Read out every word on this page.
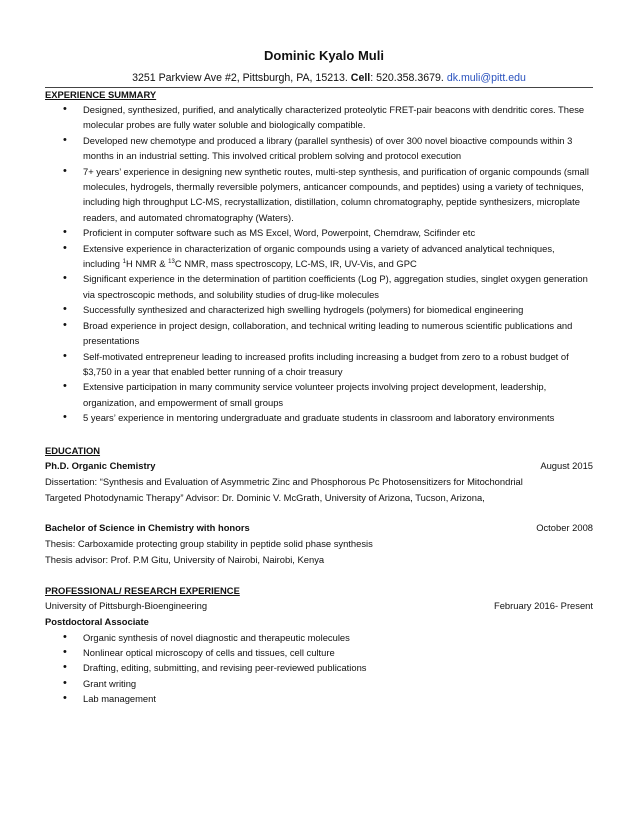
Dominic Kyalo Muli
3251 Parkview Ave #2, Pittsburgh, PA, 15213. Cell: 520.358.3679. dk.muli@pitt.edu
EXPERIENCE SUMMARY
• Designed, synthesized, purified, and analytically characterized proteolytic FRET-pair beacons with dendritic cores. These molecular probes are fully water soluble and biologically compatible.
• Developed new chemotype and produced a library (parallel synthesis) of over 300 novel bioactive compounds within 3 months in an industrial setting. This involved critical problem solving and protocol execution
• 7+ years’ experience in designing new synthetic routes, multi-step synthesis, and purification of organic compounds (small molecules, hydrogels, thermally reversible polymers, anticancer compounds, and peptides) using a variety of techniques, including high throughput LC-MS, recrystallization, distillation, column chromatography, peptide synthesizers, microplate readers, and automated chromatography (Waters).
• Proficient in computer software such as MS Excel, Word, Powerpoint, Chemdraw, Scifinder etc
• Extensive experience in characterization of organic compounds using a variety of advanced analytical techniques, including $^1$H NMR & $^{13}$C NMR, mass spectroscopy, LC-MS, IR, UV-Vis, and GPC
• Significant experience in the determination of partition coefficients (Log P), aggregation studies, singlet oxygen generation via spectroscopic methods, and solubility studies of drug-like molecules
• Successfully synthesized and characterized high swelling hydrogels (polymers) for biomedical engineering
• Broad experience in project design, collaboration, and technical writing leading to numerous scientific publications and presentations
• Self-motivated entrepreneur leading to increased profits including increasing a budget from zero to a robust budget of $3,750 in a year that enabled better running of a choir treasury
• Extensive participation in many community service volunteer projects involving project development, leadership, organization, and empowerment of small groups
• 5 years’ experience in mentoring undergraduate and graduate students in classroom and laboratory environments
EDUCATION
Ph.D. Organic Chemistry	August 2015
Dissertation: “Synthesis and Evaluation of Asymmetric Zinc and Phosphorous Pc Photosensitizers for Mitochondrial
Targeted Photodynamic Therapy” Advisor: Dr. Dominic V. McGrath, University of Arizona, Tucson, Arizona,
Bachelor of Science in Chemistry with honors	October 2008
Thesis: Carboxamide protecting group stability in peptide solid phase synthesis
Thesis advisor: Prof. P.M Gitu, University of Nairobi, Nairobi, Kenya
PROFESSIONAL/ RESEARCH EXPERIENCE
University of Pittsburgh-Bioengineering	February 2016- Present
Postdoctoral Associate
• Organic synthesis of novel diagnostic and therapeutic molecules
• Nonlinear optical microscopy of cells and tissues, cell culture
• Drafting, editing, submitting, and revising peer-reviewed publications
• Grant writing
• Lab management
